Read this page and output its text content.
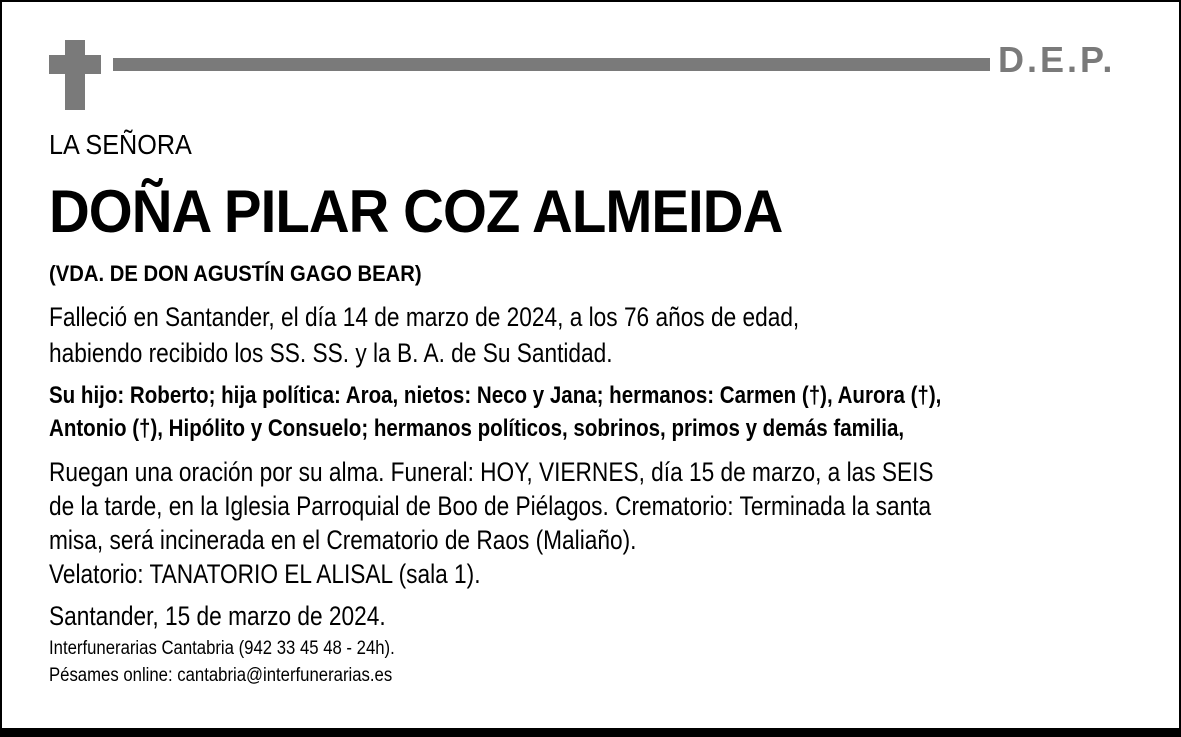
D.E.P.
LA SEÑORA
DOÑA PILAR COZ ALMEIDA
(VDA. DE DON AGUSTÍN GAGO BEAR)
Falleció en Santander, el día 14 de marzo de 2024, a los 76 años de edad,
habiendo recibido los SS. SS. y la B. A. de Su Santidad.
Su hijo: Roberto; hija política: Aroa, nietos: Neco y Jana; hermanos: Carmen (†), Aurora (†),
Antonio (†), Hipólito y Consuelo; hermanos políticos, sobrinos, primos y demás familia,
Ruegan una oración por su alma. Funeral: HOY, VIERNES, día 15 de marzo, a las SEIS
de la tarde, en la Iglesia Parroquial de Boo de Piélagos. Crematorio: Terminada la santa
misa, será incinerada en el Crematorio de Raos (Maliaño).
Velatorio: TANATORIO EL ALISAL (sala 1).
Santander, 15 de marzo de 2024.
Interfunerarias Cantabria (942 33 45 48 - 24h).
Pésames online: cantabria@interfunerarias.es
